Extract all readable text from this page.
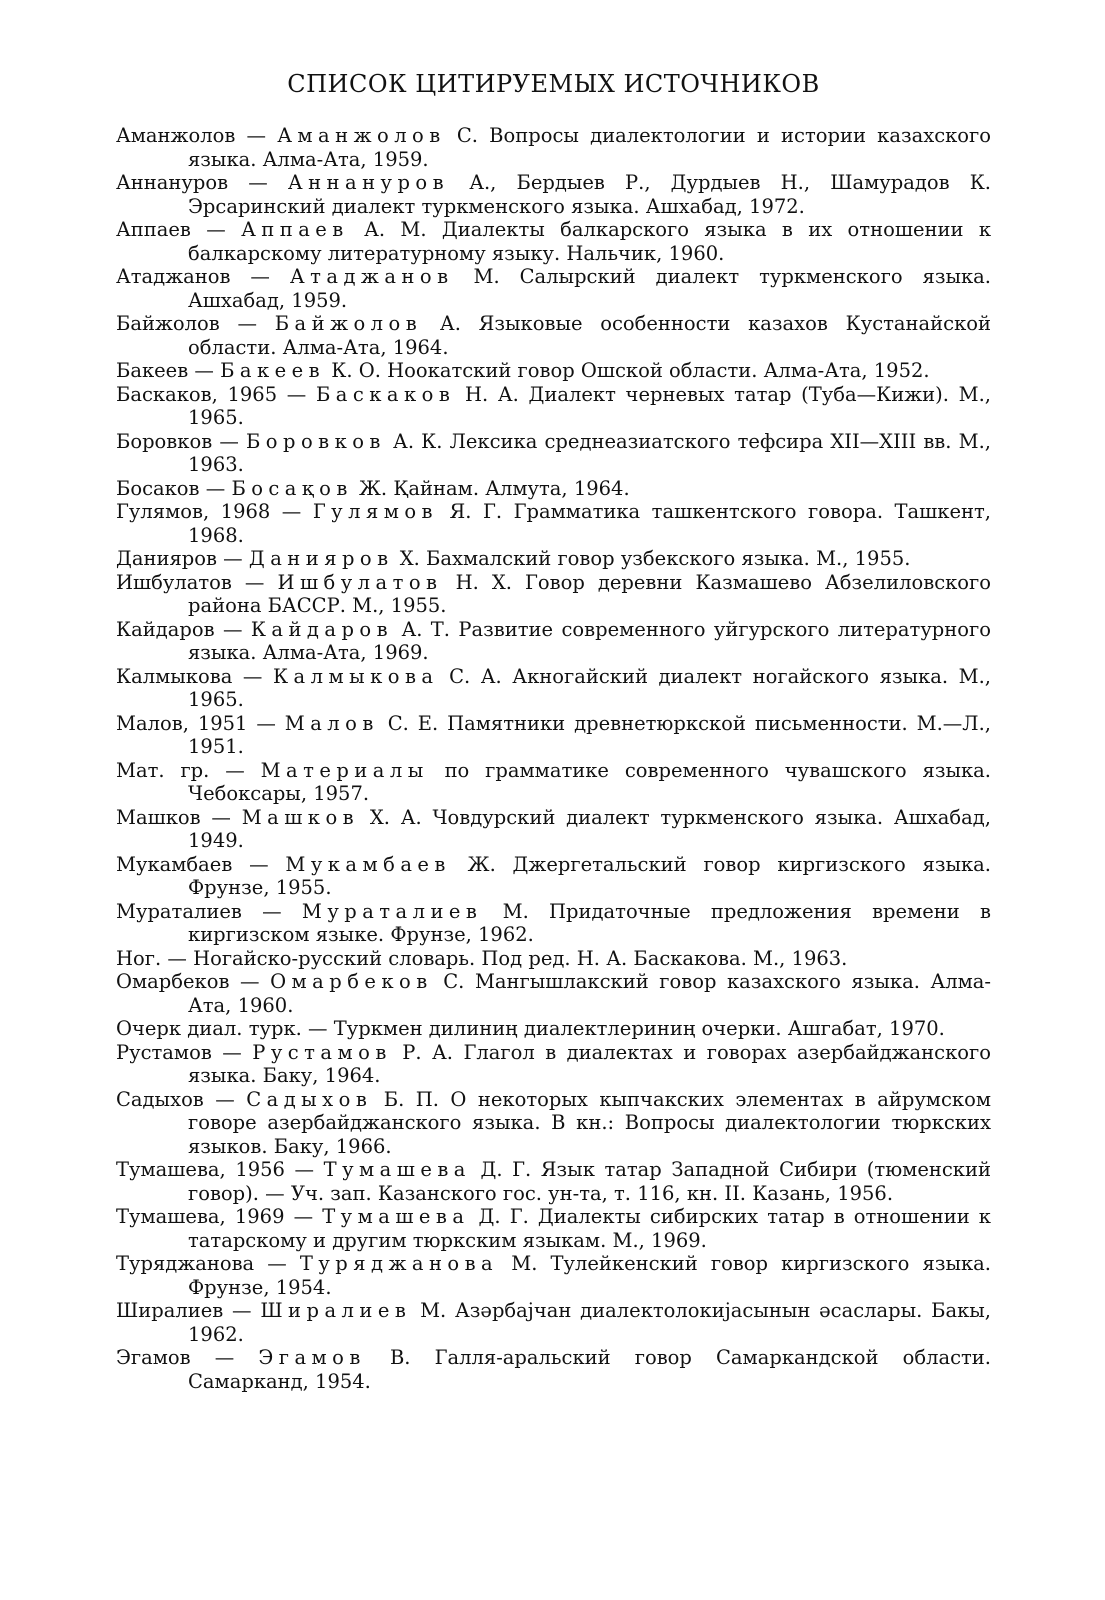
СПИСОК ЦИТИРУЕМЫХ ИСТОЧНИКОВ
Аманжолов — Аманжолов С. Вопросы диалектологии и истории казахского языка. Алма-Ата, 1959.
Аннануров — Аннануров А., Бердыев Р., Дурдыев Н., Шамурадов К. Эрсаринский диалект туркменского языка. Ашхабад, 1972.
Аппаев — Аппаев А. М. Диалекты балкарского языка в их отношении к балкарскому литературному языку. Нальчик, 1960.
Атаджанов — Атаджанов М. Салырский диалект туркменского языка. Ашхабад, 1959.
Байжолов — Байжолов А. Языковые особенности казахов Кустанайской области. Алма-Ата, 1964.
Бакеев — Бакеев К. О. Ноокатский говор Ошской области. Алма-Ата, 1952.
Баскаков, 1965 — Баскаков Н. А. Диалект черневых татар (Туба—Кижи). М., 1965.
Боровков — Боровков А. К. Лексика среднеазиатского тефсира XII—XIII вв. М., 1963.
Босаков — Босақов Ж. Қайнам. Алмута, 1964.
Гулямов, 1968 — Гулямов Я. Г. Грамматика ташкентского говора. Ташкент, 1968.
Данияров — Данияров Х. Бахмалский говор узбекского языка. М., 1955.
Ишбулатов — Ишбулатов Н. Х. Говор деревни Казмашево Абзелиловского района БАССР. М., 1955.
Кайдаров — Кайдаров А. Т. Развитие современного уйгурского литературного языка. Алма-Ата, 1969.
Калмыкова — Калмыкова С. А. Акногайский диалект ногайского языка. М., 1965.
Малов, 1951 — Малов С. Е. Памятники древнетюркской письменности. М.—Л., 1951.
Мат. гр. — Материалы по грамматике современного чувашского языка. Чебоксары, 1957.
Машков — Машков Х. А. Човдурский диалект туркменского языка. Ашхабад, 1949.
Мукамбаев — Мукамбаев Ж. Джергетальский говор киргизского языка. Фрунзе, 1955.
Мураталиев — Мураталиев М. Придаточные предложения времени в киргизском языке. Фрунзе, 1962.
Ног. — Ногайско-русский словарь. Под ред. Н. А. Баскакова. М., 1963.
Омарбеков — Омарбеков С. Мангышлакский говор казахского языка. Алма-Ата, 1960.
Очерк диал. турк. — Туркмен дилиниң диалектлериниң очерки. Ашгабат, 1970.
Рустамов — Рустамов Р. А. Глагол в диалектах и говорах азербайджанского языка. Баку, 1964.
Садыхов — Садыхов Б. П. О некоторых кыпчакских элементах в айрумском говоре азербайджанского языка. В кн.: Вопросы диалектологии тюркских языков. Баку, 1966.
Тумашева, 1956 — Тумашева Д. Г. Язык татар Западной Сибири (тюменский говор). — Уч. зап. Казанского гос. ун-та, т. 116, кн. II. Казань, 1956.
Тумашева, 1969 — Тумашева Д. Г. Диалекты сибирских татар в отношении к татарскому и другим тюркским языкам. М., 1969.
Туряджанова — Туряджанова М. Тулейкенский говор киргизского языка. Фрунзе, 1954.
Ширалиев — Ширалиев М. Азәрбајчан диалектолокијасынын әсаслары. Бакы, 1962.
Эгамов — Эгамов В. Галля-аральский говор Самаркандской области. Самарканд, 1954.
